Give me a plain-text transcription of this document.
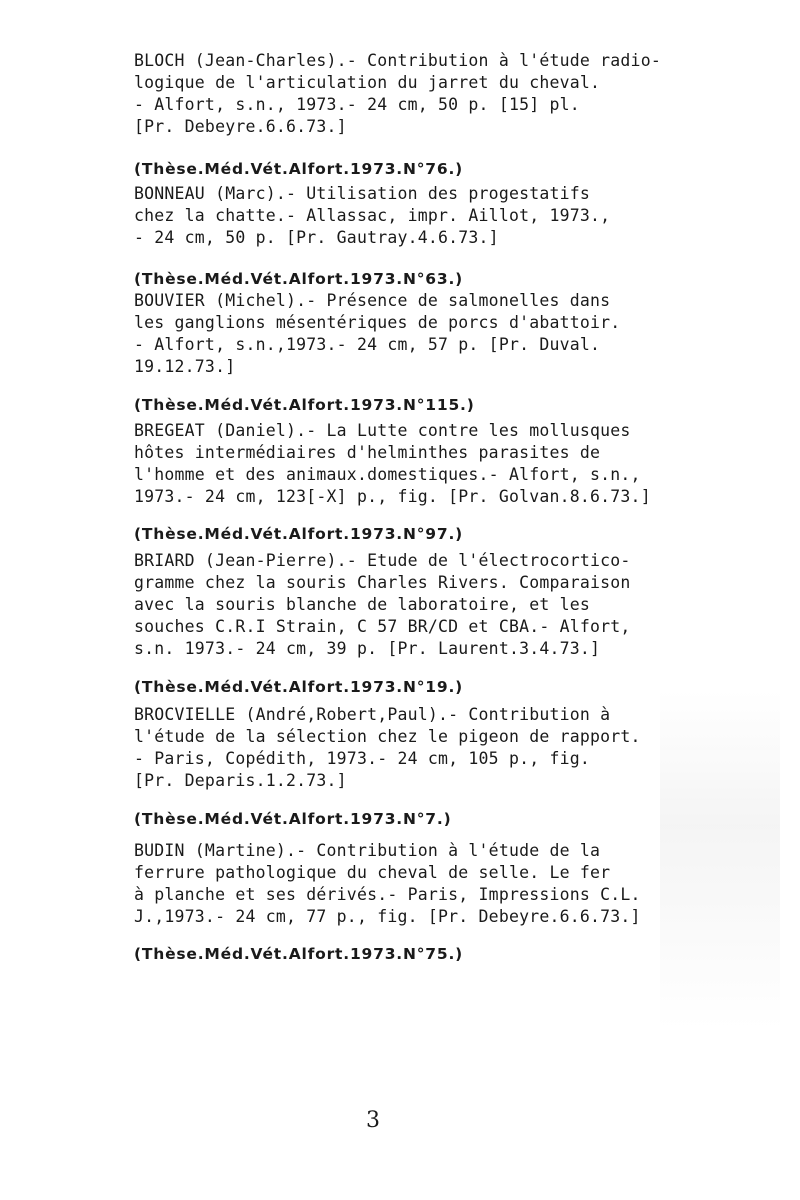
BLOCH (Jean-Charles).- Contribution à l'étude radio-
logique de l'articulation du jarret du cheval.
- Alfort, s.n., 1973.- 24 cm, 50 p. [15] pl.
[Pr. Debeyre.6.6.73.]
(Thèse.Méd.Vét.Alfort.1973.N°76.)
BONNEAU (Marc).- Utilisation des progestatifs
chez la chatte.- Allassac, impr. Aillot, 1973.,
- 24 cm, 50 p. [Pr. Gautray.4.6.73.]
(Thèse.Méd.Vét.Alfort.1973.N°63.)
BOUVIER (Michel).- Présence de salmonelles dans
les ganglions mésentériques de porcs d'abattoir.
- Alfort, s.n.,1973.- 24 cm, 57 p. [Pr. Duval.
19.12.73.]
(Thèse.Méd.Vét.Alfort.1973.N°115.)
BREGEAT (Daniel).- La Lutte contre les mollusques
hôtes intermédiaires d'helminthes parasites de
l'homme et des animaux.domestiques.- Alfort, s.n.,
1973.- 24 cm, 123[-X] p., fig. [Pr. Golvan.8.6.73.]
(Thèse.Méd.Vét.Alfort.1973.N°97.)
BRIARD (Jean-Pierre).- Etude de l'électrocortico-
gramme chez la souris Charles Rivers. Comparaison
avec la souris blanche de laboratoire, et les
souches C.R.I Strain, C 57 BR/CD et CBA.- Alfort,
s.n. 1973.- 24 cm, 39 p. [Pr. Laurent.3.4.73.]
(Thèse.Méd.Vét.Alfort.1973.N°19.)
BROCVIELLE (André,Robert,Paul).- Contribution à
l'étude de la sélection chez le pigeon de rapport.
- Paris, Copédith, 1973.- 24 cm, 105 p., fig.
[Pr. Deparis.1.2.73.]
(Thèse.Méd.Vét.Alfort.1973.N°7.)
BUDIN (Martine).- Contribution à l'étude de la
ferrure pathologique du cheval de selle. Le fer
à planche et ses dérivés.- Paris, Impressions C.L.
J.,1973.- 24 cm, 77 p., fig. [Pr. Debeyre.6.6.73.]
(Thèse.Méd.Vét.Alfort.1973.N°75.)
3
